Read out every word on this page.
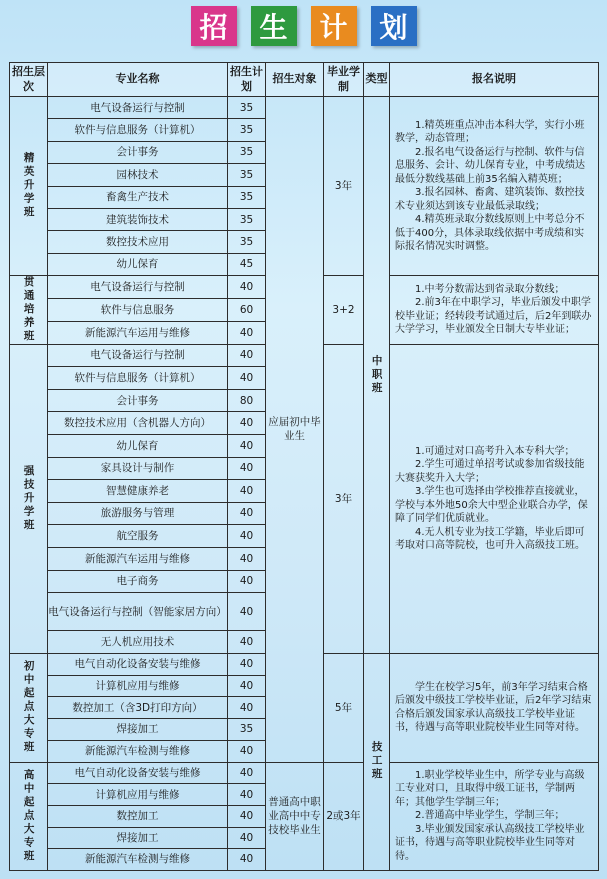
招	生	计	划
招生层次	专业名称	招生计划	招生对象	毕业学制	类型	报名说明
精英升学班	电气设备运行与控制	35	应届初中毕业生	3年	中职班	1.精英班重点冲击本科大学，实行小班教学，动态管理；

2.报名电气设备运行与控制、软件与信息服务、会计、幼儿保育专业，中考成绩达最低分数线基础上前35名编入精英班；

3.报名园林、畜禽、建筑装饰、数控技术专业须达到该专业最低录取线；

4.精英班录取分数线原则上中考总分不低于400分，具体录取线依据中考成绩和实际报名情况实时调整。

	软件与信息服务（计算机）	35				
	会计事务	35				
	园林技术	35				
	畜禽生产技术	35				
	建筑装饰技术	35				
	数控技术应用	35				
	幼儿保育	45				
贯通培养班	电气设备运行与控制	40		3+2		1.中考分数需达到省录取分数线；

2.前3年在中职学习，毕业后颁发中职学校毕业证；经转段考试通过后，后2年到联办大学学习，毕业颁发全日制大专毕业证；

	软件与信息服务	60				
	新能源汽车运用与维修	40				
强技升学班	电气设备运行与控制	40		3年		1.可通过对口高考升入本专科大学；

2.学生可通过单招考试或参加省级技能大赛获奖升入大学；

3.学生也可选择由学校推荐直接就业，学校与本外地50余大中型企业联合办学，保障了同学们优质就业。

4.无人机专业为技工学籍，毕业后即可考取对口高等院校，也可升入高级技工班。

	软件与信息服务（计算机）	40				
	会计事务	80				
	数控技术应用（含机器人方向）	40				
	幼儿保育	40				
	家具设计与制作	40				
	智慧健康养老	40				
	旅游服务与管理	40				
	航空服务	40				
	新能源汽车运用与维修	40				
	电子商务	40				
	电气设备运行与控制（智能家居方向）	40				
	无人机应用技术	40				
初中起点大专班	电气自动化设备安装与维修	40		5年	技工班	学生在校学习5年，前3年学习结束合格后颁发中级技工学校毕业证，后2年学习结束合格后颁发国家承认高级技工学校毕业证书，待遇与高等职业院校毕业生同等对待。

	计算机应用与维修	40				
	数控加工（含3D打印方向）	40				
	焊接加工	35				
	新能源汽车检测与维修	40				
高中起点大专班	电气自动化设备安装与维修	40	普通高中职业高中中专技校毕业生	2或3年		1.职业学校毕业生中，所学专业与高级工专业对口，且取得中级工证书，学制两年；其他学生学制三年；

2.普通高中毕业学生，学制三年；

3.毕业颁发国家承认高级技工学校毕业证书，待遇与高等职业院校毕业生同等对待。

	计算机应用与维修	40				
	数控加工	40				
	焊接加工	40				
	新能源汽车检测与维修	40				
